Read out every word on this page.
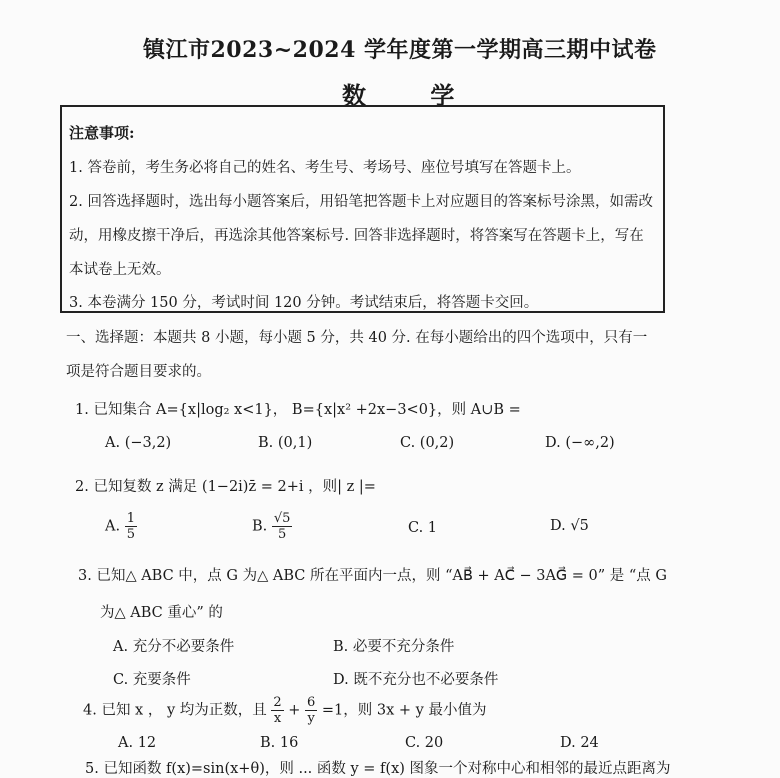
镇江市2023~2024 学年度第一学期高三期中试卷
数 学
注意事项:
1. 答卷前，考生务必将自己的姓名、考生号、考场号、座位号填写在答题卡上。
2. 回答选择题时，选出每小题答案后，用铅笔把答题卡上对应题目的答案标号涂黑，如需改
动，用橡皮擦干净后，再选涂其他答案标号. 回答非选择题时，将答案写在答题卡上，写在
本试卷上无效。
3. 本卷满分 150 分，考试时间 120 分钟。考试结束后，将答题卡交回。
一、选择题：本题共 8 小题，每小题 5 分，共 40 分. 在每小题给出的四个选项中，只有一
项是符合题目要求的。
1. 已知集合 A={x|log₂ x<1}， B={x|x² +2x−3<0}，则 A∪B =
A. (−3,2)	B. (0,1)	C. (0,2)	D. (−∞,2)
2. 已知复数 z 满足 (1−2i)z̄ = 2+i ，则| z |=
A. $\frac{1}{5}$	B. $\frac{√5}{5}$	C. 1	D. √5
3. 已知△ ABC 中，点 G 为△ ABC 所在平面内一点，则 “AB⃗ + AC⃗ − 3AG⃗ = 0” 是 “点 G
为△ ABC 重心” 的
A. 充分不必要条件	B. 必要不充分条件
C. 充要条件	D. 既不充分也不必要条件
4. 已知 x ， y 均为正数，且 $\frac{2}{x} + \frac{6}{y} =1$，则 3x + y 最小值为
A. 12	B. 16	C. 20	D. 24
5. 已知函数 f(x)=sin(x+θ)，则 ... 函数 y = f(x) 图象一个对称中心和相邻的最近点距离为
